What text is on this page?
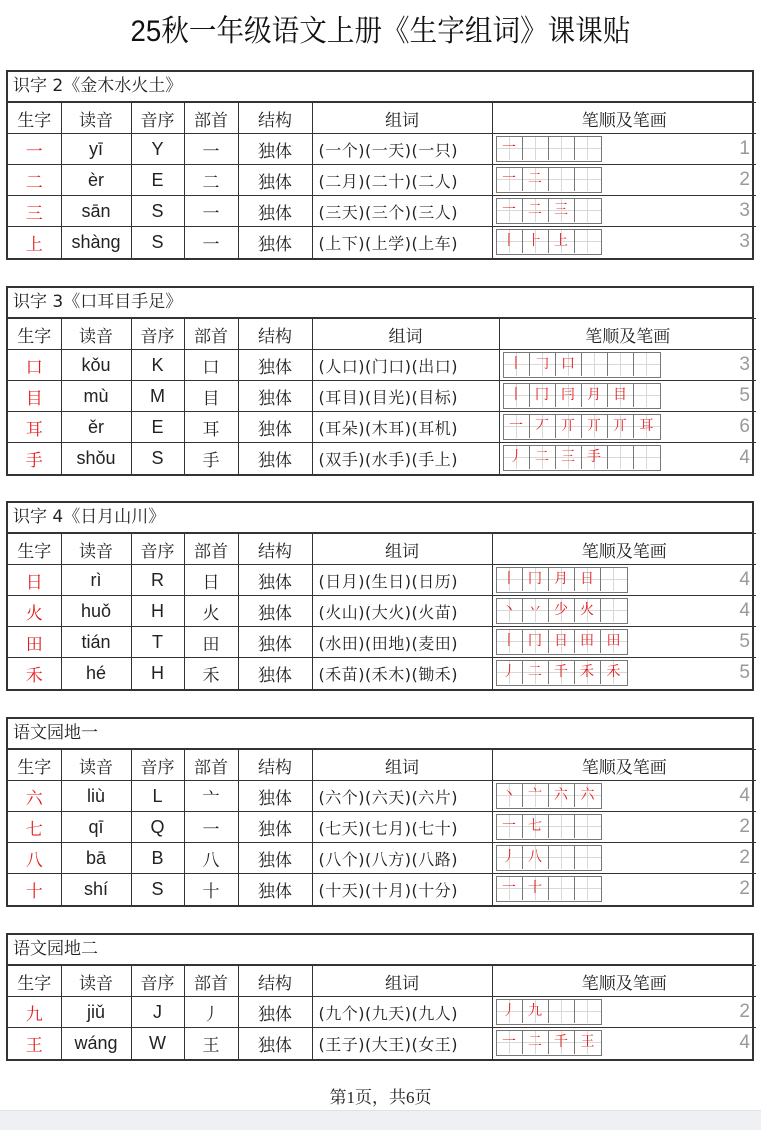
25秋一年级语文上册《生字组词》课课贴
识字 2《金木水火土》
生字	读音	音序	部首	结构	组词	笔顺及笔画
一	yī	Y	一	独体	(一个)(一天)(一只)	一 1

二	èr	E	二	独体	(二月)(二十)(二人)	一 二 2

三	sān	S	一	独体	(三天)(三个)(三人)	一 二 三 3

上	shàng	S	一	独体	(上下)(上学)(上车)	丨 ⺊ 上 3
识字 3《口耳目手足》
生字	读音	音序	部首	结构	组词	笔顺及笔画
口	kǒu	K	口	独体	(人口)(门口)(出口)	丨 𠃌 口 3

目	mù	M	目	独体	(耳目)(目光)(目标)	丨 冂 冃 月 目	5

耳	ěr	E	耳	独体	(耳朵)(木耳)(耳机)	一 丆 丌 丌 丌 耳	6

手	shǒu	S	手	独体	(双手)(水手)(手上)	丿 二 三 手 4
识字 4《日月山川》
生字	读音	音序	部首	结构	组词	笔顺及笔画
日	rì	R	日	独体	(日月)(生日)(日历)	丨 冂 月 日 4

火	huǒ	H	火	独体	(火山)(大火)(火苗)	丶 丷 少 火 4

田	tián	T	田	独体	(水田)(田地)(麦田)	丨 冂 日 田 田	5

禾	hé	H	禾	独体	(禾苗)(禾木)(锄禾)	丿 二 千 禾 禾	5
语文园地一
生字	读音	音序	部首	结构	组词	笔顺及笔画
六	liù	L	亠	独体	(六个)(六天)(六片)	丶 亠 六 六 4

七	qī	Q	一	独体	(七天)(七月)(七十)	一 七 2

八	bā	B	八	独体	(八个)(八方)(八路)	丿 八 2

十	shí	S	十	独体	(十天)(十月)(十分)	一 十 2
语文园地二
生字	读音	音序	部首	结构	组词	笔顺及笔画
九	jiǔ	J	丿	独体	(九个)(九天)(九人)	丿 九 2

王	wáng	W	王	独体	(王子)(大王)(女王)	一 二 千 王 4
第1页，共6页
